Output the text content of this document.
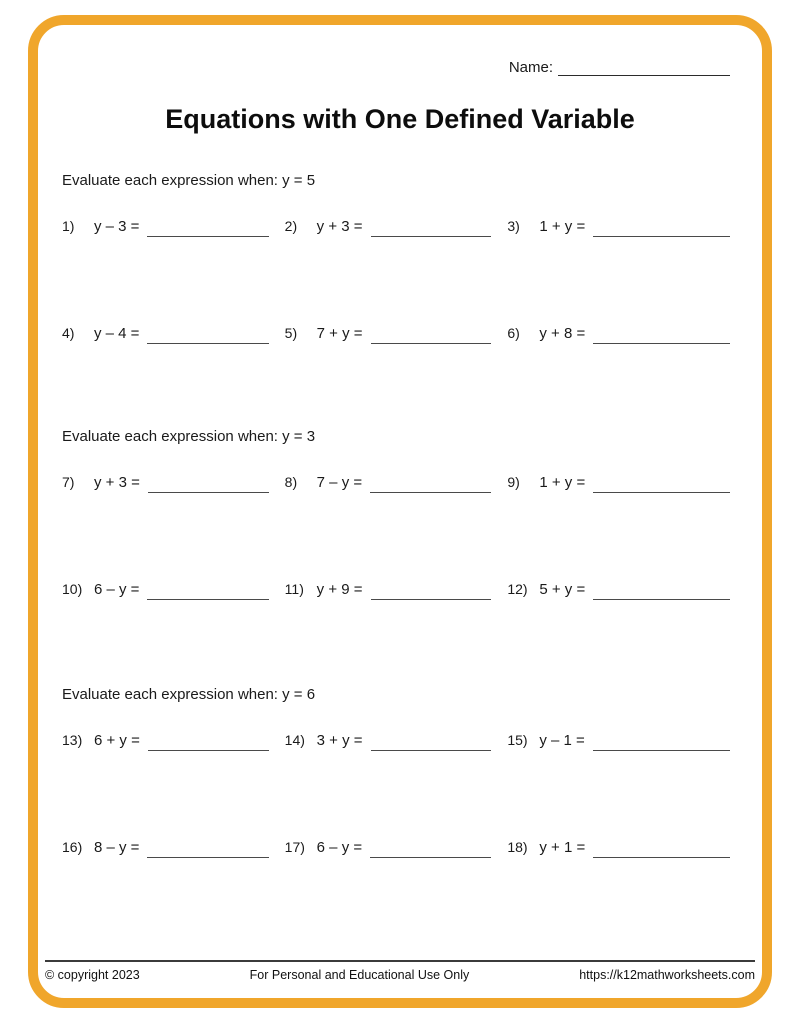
Name:
Equations with One Defined Variable
Evaluate each expression when: y = 5
1)	y – 3 =	2)	y + 3 =	3)	1 + y =
4)	y – 4 =	5)	7 + y =	6)	y + 8 =
Evaluate each expression when: y = 3
7)	y + 3 =	8)	7 – y =	9)	1 + y =
10) 6 – y =	11) y + 9 =	12) 5 + y =
Evaluate each expression when: y = 6
13) 6 + y =	14) 3 + y =	15) y – 1 =
16) 8 – y =	17) 6 – y =	18) y + 1 =
© copyright 2023	For Personal and Educational Use Only	https://k12mathworksheets.com
